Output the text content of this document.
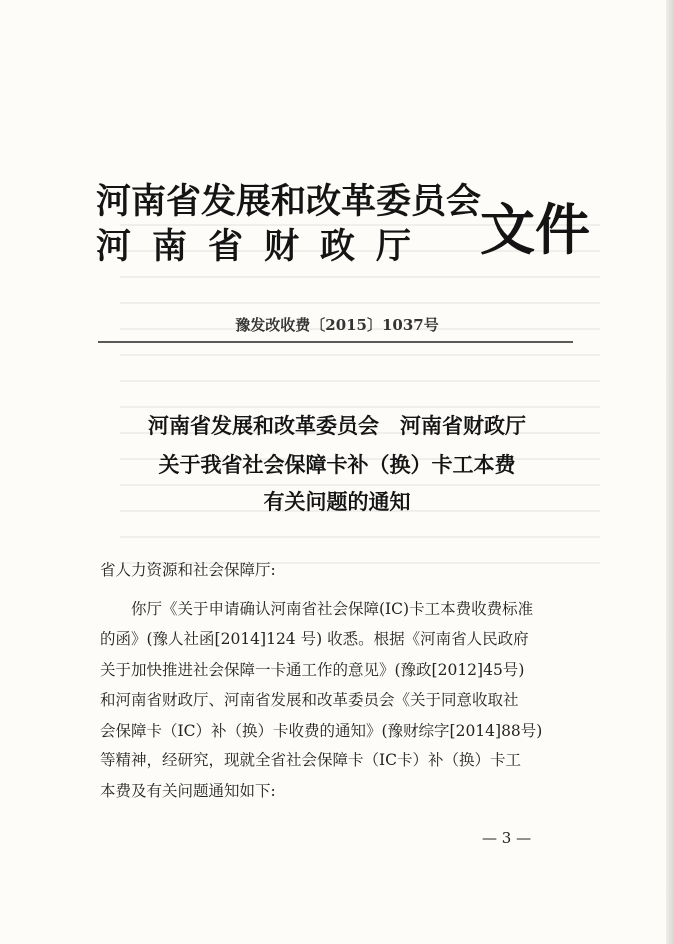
河南省发展和改革委员会
河南省财政厅 文件
豫发改收费〔2015〕1037号
河南省发展和改革委员会　河南省财政厅
关于我省社会保障卡补（换）卡工本费
有关问题的通知
省人力资源和社会保障厅:
你厅《关于申请确认河南省社会保障(IC)卡工本费收费标准
的函》(豫人社函[2014]124 号) 收悉。根据《河南省人民政府
关于加快推进社会保障一卡通工作的意见》(豫政[2012]45号)
和河南省财政厅、河南省发展和改革委员会《关于同意收取社
会保障卡（IC）补（换）卡收费的通知》(豫财综字[2014]88号)
等精神，经研究，现就全省社会保障卡（IC卡）补（换）卡工
本费及有关问题通知如下:
— 3 —
